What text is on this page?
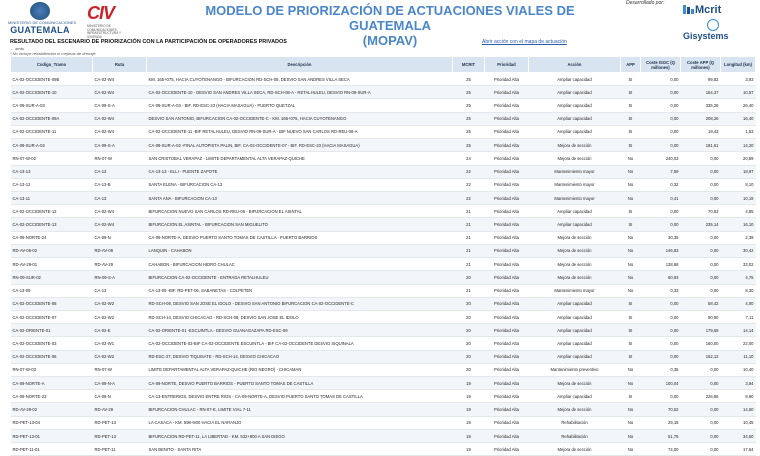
MINISTERIO DE COMUNICACIONES
GUATEMALA
CIV
MINISTERIO DE COMUNICACIONES, INFRAESTRUCTURA Y VIVIENDA
MODELO DE PRIORIZACIÓN DE ACTUACIONES VIALES DE GUATEMALA
(MOPAV)
Desarrollado por:
Mcrit
Gisystems
RESULTADO DEL ESCENARIO DE PRIORIZACIÓN CON LA PARTICIPACIÓN DE OPERADORES PRIVADOS
← atrás
* No incluye rehabilitación ni mejoras de drenaje
Abrir acción con el mapa de actuación
Codigo_Tramo	Ruta	Descripción	MCRIT	Prioridad	Acción	APP	Coste ISGC (Q millones)	Coste APP (Q millones)	Longitud (km)
CA-02-OCCIDENTE-09B	CA-02-W4	KM. 165+075, HACIA CUYOTENANGO - BIFURCACION RD-SCH-08, DESVIO SAN ANDRES VILLA SECA	25	Prioridad Alta	Ampliar capacidad	SI	0,00	99,82	3,93
CA-02-OCCIDENTE-10	CA-02-W4	CA-02-OCCIDENTE-10 - DESVIO SAN ANDRES VILLA SECA, RD-SCH-08-A - RETALHULEU, DESVIO RN-09-SUR-A	25	Prioridad Alta	Ampliar capacidad	SI	0,00	154,37	10,57
CA-09-SUR-A-03	CA-09-S-A	CA-09-SUR-A-03 - BIF. RD-ESC-23 (HACIA MASAGUA) - PUERTO QUETZAL	25	Prioridad Alta	Ampliar capacidad	SI	0,00	335,28	26,40
CA-02-OCCIDENTE-09A	CA-02-W4	DESVIO SAN ANTONIO, BIFURCACION CA-02-OCCIDENTE-C - KM. 165+075, HACIA CUYOTENANGO	25	Prioridad Alta	Ampliar capacidad	SI	0,00	208,26	16,40
CA-02-OCCIDENTE-11	CA-02-W4	CA-02-OCCIDENTE-11 -BIF RETALHULEU, DESVIO RN-09-SUR-A - BIF NUEVO SAN CARLOS RD-REU-06-A	25	Prioridad Alta	Ampliar capacidad	SI	0,00	19,43	1,53
CA-09-SUR-A-02	CA-09-S-A	CA-09-SUR-A-02 -FINAL AUTOPISTA PALIN, BIF. CA-02-OCCIDENTE-07 - BIF. RD-ESC-23 (HACIA MASAGUA)	25	Prioridad Alta	Mejora de sección	SI	0,00	181,61	14,20
RN-07-W-02	RN-07-W	SAN CRISTOBAL VERAPAZ - LIMITE DEPARTAMENTAL ALTA VERAPAZ-QUICHE	24	Prioridad Alta	Mejora de sección	No	240,03	0,00	20,89
CA-13-13	CA-13	CA-13-13 - ELLI - PUENTE ZAPOTE	22	Prioridad Alta	Mantenimiento mayor	No	7,59	0,00	18,97
CA-13-12	CA-13-B	SANTA ELENA - BIFURCACION CA-13	22	Prioridad Alta	Mantenimiento mayor	No	0,32	0,00	8,10
CA-13-11	CA-13	SANTA ANA - BIFURCACION CA-13	22	Prioridad Alta	Mantenimiento mayor	No	0,41	0,00	10,19
CA-02-OCCIDENTE-12	CA-02-W4	BIFURCACION NUEVO SAN CARLOS RD-REU-06 - BIFURCACION EL ASINTAL	21	Prioridad Alta	Ampliar capacidad	SI	0,00	70,83	4,85
CA-02-OCCIDENTE-13	CA-02-W4	BIFURCACION EL ASINTAL - BIFURCACION SAN MIGUELITO	21	Prioridad Alta	Ampliar capacidad	SI	0,00	235,14	16,10
CA-09-NORTE-24	CA-09-N	CA-09-NORTE-A, DESVIO PUERTO SANTO TOMAS DE CASTILLA - PUERTO BARRIOS	21	Prioridad Alta	Mejora de sección	No	30,35	0,00	2,39
RD-AV-06-02	RD-AV-06	LANQUIN - CAHABON	21	Prioridad Alta	Mejora de sección	No	146,83	0,00	30,42
RD-AV-29-01	RD-AV-29	CAHABON - BIFURCACION HIDRO CHULAC	21	Prioridad Alta	Mejora de sección	No	138,68	0,00	33,02
RN-09-SUR-02	RN-09-S-A	BIFURCACION CA-02-OCCIDENTE - ENTRADA RETALHULEU	20	Prioridad Alta	Mejora de sección	No	60,93	0,00	4,75
CA-13-09	CA-13	CA-13-09 -BIF. RD-PET-06, SABANETAS - COLPETEN	21	Prioridad Alta	Mantenimiento mayor	No	0,33	0,00	8,30
CA-02-OCCIDENTE-08	CA-02-W2	RD-SCH-08, DESVIO SAN JOSE EL IDOLO - DESVIO SAN ANTONIO BIFURCACION CA-02-OCCIDENTE-C	20	Prioridad Alta	Ampliar capacidad	SI	0,00	58,42	4,00
CA-02-OCCIDENTE-07	CA-02-W2	RD-SCH-14, DESVIO CHICACAO - RD-SCH-08, DESVIO SAN JOSE EL IDOLO	20	Prioridad Alta	Ampliar capacidad	SI	0,00	90,90	7,11
CA-02-ORIENTE-01	CA-02-E	CA-02-ORIENTE-01 -ESCUINTLA - DESVIO GUANAGAZAPA RD-ESC-09	20	Prioridad Alta	Ampliar capacidad	SI	0,00	179,58	14,14
CA-02-OCCIDENTE-03	CA-02-W1	CA-02-OCCIDENTE-03-BIF CA-02-OCCIDENTE ESCUINTLA - BIF CA-02-OCCIDENTE DESVIO SIQUINALA	20	Prioridad Alta	Ampliar capacidad	SI	0,00	160,00	22,00
CA-02-OCCIDENTE-06	CA-02-W2	RD-ESC-27, DESVIO TIQUISATE - RD-SCH-14, DESVIO CHICACAO	20	Prioridad Alta	Ampliar capacidad	SI	0,00	162,12	11,10
RN-07-W-03	RN-07-W	LIMITE DEPARTAMENTAL ALTA VERAPAZ-QUICHE (RIO NEGRO) - CHICAMAN	20	Prioridad Alta	Mantenimiento preventivo	No	0,35	0,00	10,40
CA-09-NORTE-A	CA-09-N-A	CA-09-NORTE, DESVIO PUERTO BARRIOS - PUERTO SANTO TOMAS DE CASTILLA	19	Prioridad Alta	Mejora de sección	No	100,04	0,00	3,94
CA-09-NORTE-23	CA-09-N	CA-13-ENTRERIOS, DESVIO ENTRE RIOS - CA-09-NORTE-A, DESVIO PUERTO SANTO TOMAS DE CASTILLA	19	Prioridad Alta	Ampliar capacidad	SI	0,00	226,86	8,90
RD-AV-29-02	RD-AV-29	BIFURCACION CHULAC - RN-07-E, LIMITE VIAL 7-11	19	Prioridad Alta	Mejora de sección	No	70,52	0,00	14,60
RD-PET-13-04	RD-PET-13	LA CASACA - KM. 598+800 HACIA EL NARANJO	19	Prioridad Alta	Rehabilitación	No	29,18	0,00	10,45
RD-PET-13-01	RD-PET-13	BIFURCACION RD-PET-11, LA LIBERTAD - KM. 532+800 A SAN DIEGO	19	Prioridad Alta	Rehabilitación	No	51,75	0,00	34,50
RD-PET-11-01	RD-PET-11	SAN BENITO - SANTA RITA	19	Prioridad Alta	Mejora de sección	No	74,00	0,00	17,64
